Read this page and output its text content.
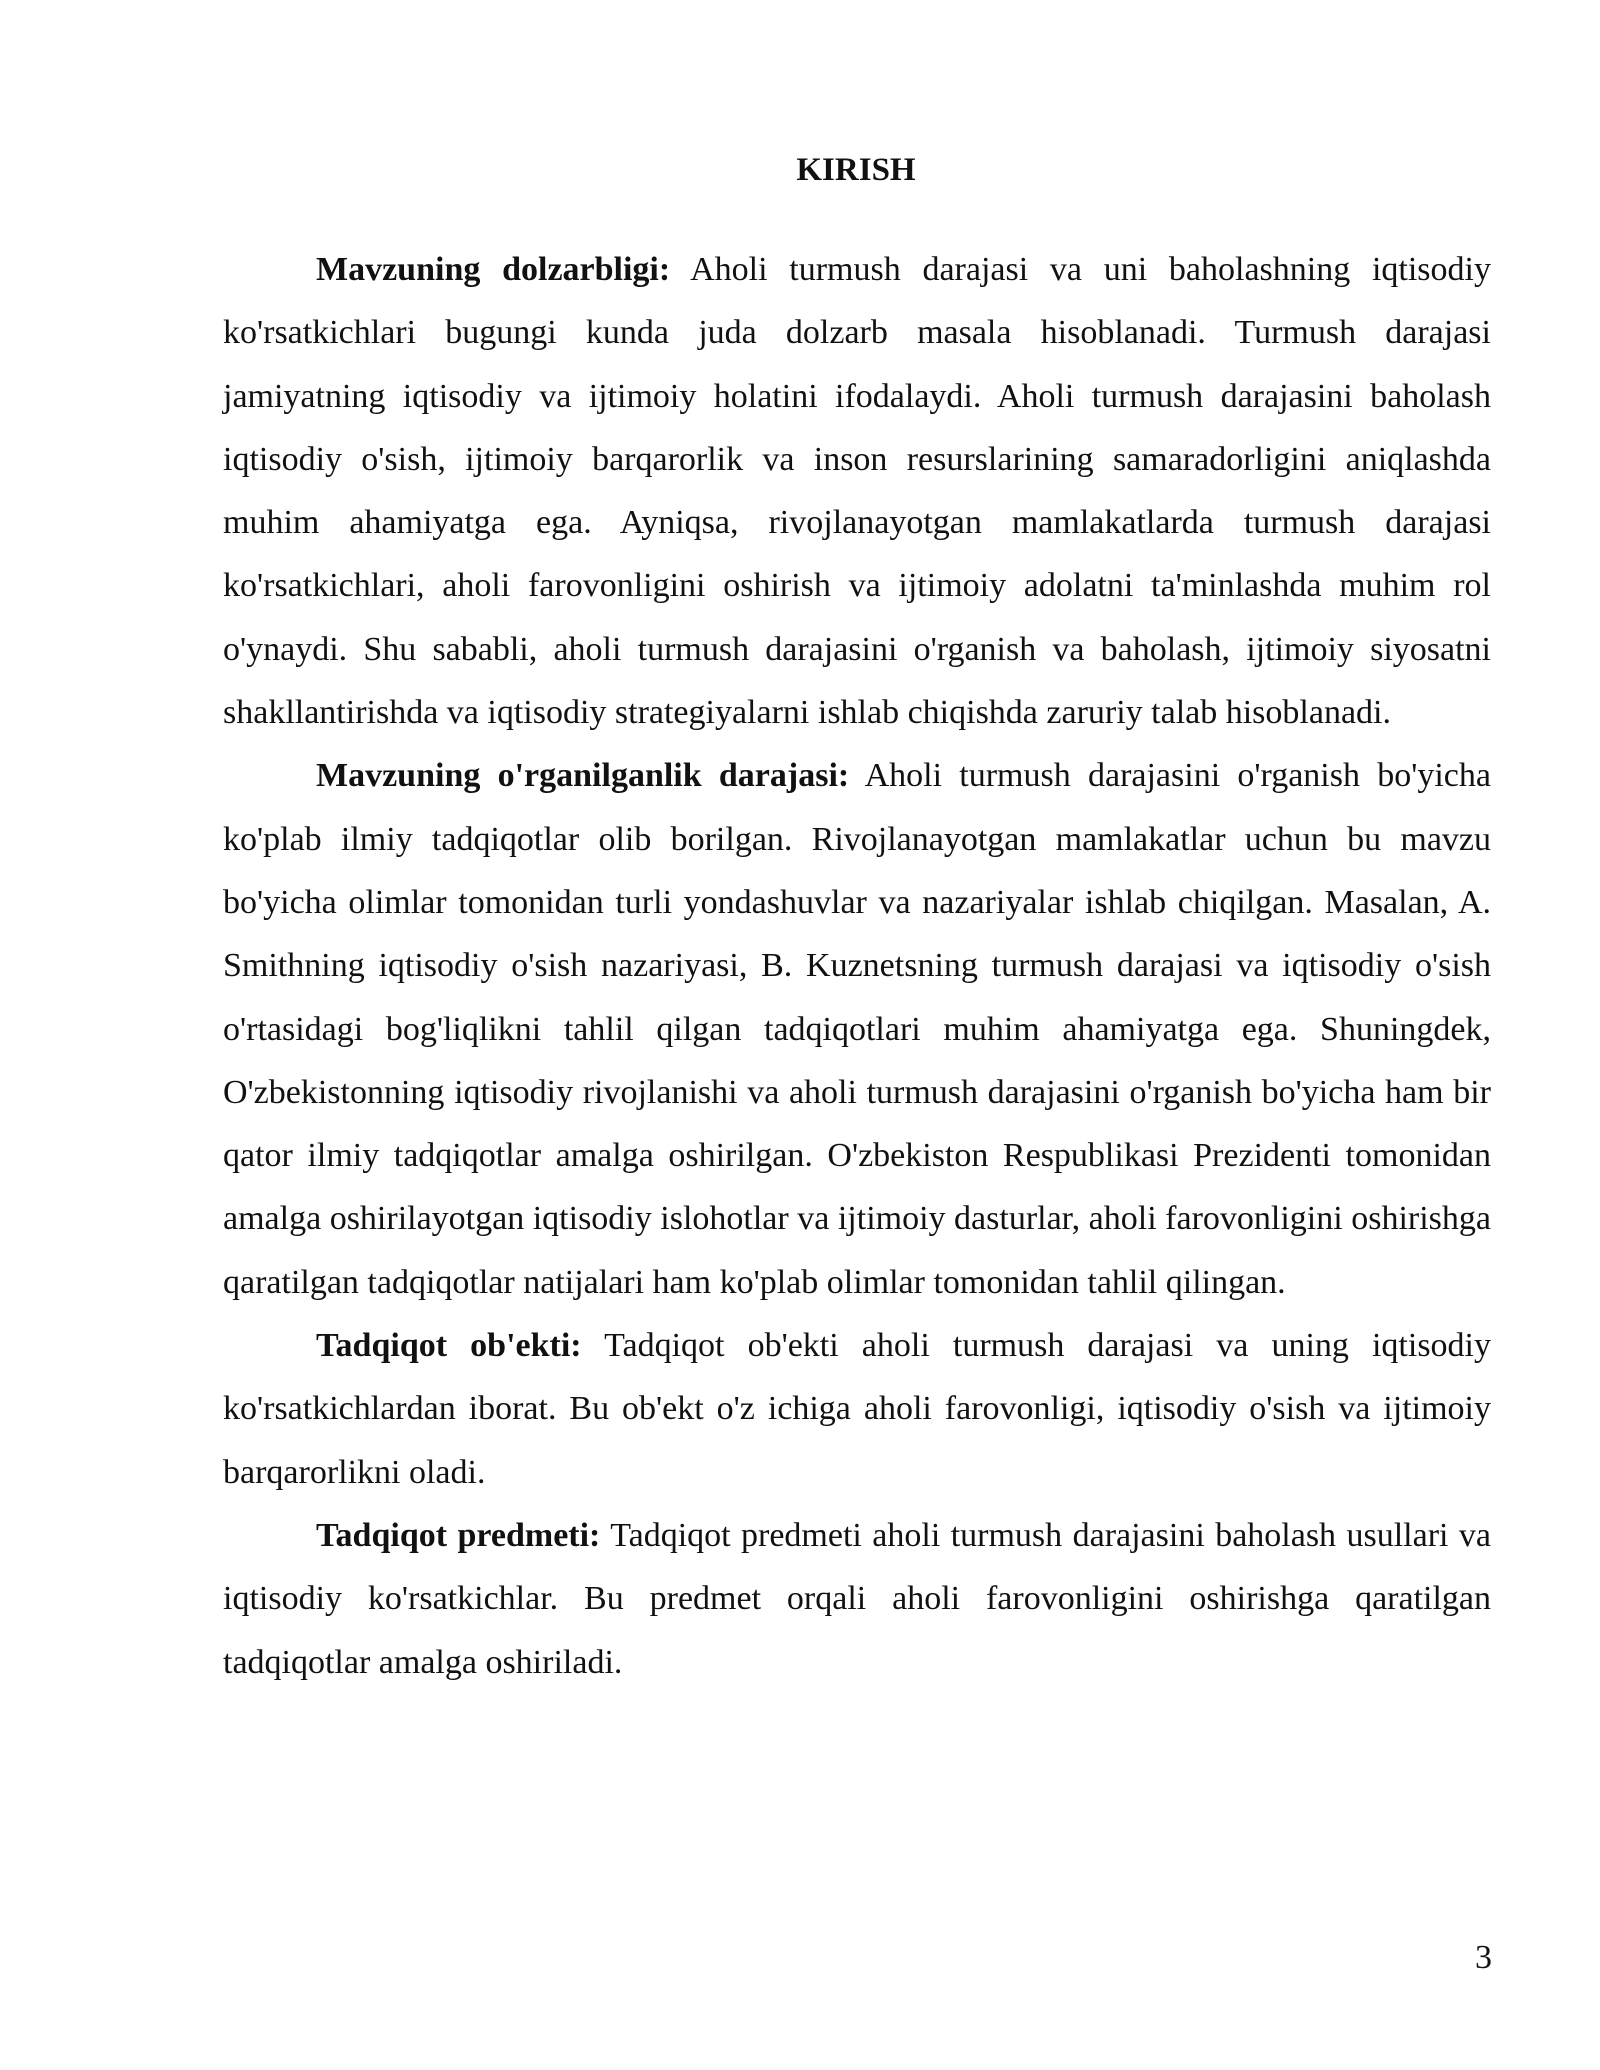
KIRISH

Mavzuning dolzarbligi: Aholi turmush darajasi va uni baholashning iqtisodiy ko'rsatkichlari bugungi kunda juda dolzarb masala hisoblanadi. Turmush darajasi jamiyatning iqtisodiy va ijtimoiy holatini ifodalaydi. Aholi turmush darajasini baholash iqtisodiy o'sish, ijtimoiy barqarorlik va inson resurslarining samaradorligini aniqlashda muhim ahamiyatga ega. Ayniqsa, rivojlanayotgan mamlakatlarda turmush darajasi ko'rsatkichlari, aholi farovonligini oshirish va ijtimoiy adolatni ta'minlashda muhim rol o'ynaydi. Shu sababli, aholi turmush darajasini o'rganish va baholash, ijtimoiy siyosatni shakllantirishda va iqtisodiy strategiyalarni ishlab chiqishda zaruriy talab hisoblanadi.

Mavzuning o'rganilganlik darajasi: Aholi turmush darajasini o'rganish bo'yicha ko'plab ilmiy tadqiqotlar olib borilgan. Rivojlanayotgan mamlakatlar uchun bu mavzu bo'yicha olimlar tomonidan turli yondashuvlar va nazariyalar ishlab chiqilgan. Masalan, A. Smithning iqtisodiy o'sish nazariyasi, B. Kuznetsning turmush darajasi va iqtisodiy o'sish o'rtasidagi bog'liqlikni tahlil qilgan tadqiqotlari muhim ahamiyatga ega. Shuningdek, O'zbekistonning iqtisodiy rivojlanishi va aholi turmush darajasini o'rganish bo'yicha ham bir qator ilmiy tadqiqotlar amalga oshirilgan. O'zbekiston Respublikasi Prezidenti tomonidan amalga oshirilayotgan iqtisodiy islohotlar va ijtimoiy dasturlar, aholi farovonligini oshirishga qaratilgan tadqiqotlar natijalari ham ko'plab olimlar tomonidan tahlil qilingan.

Tadqiqot ob'ekti: Tadqiqot ob'ekti aholi turmush darajasi va uning iqtisodiy ko'rsatkichlardan iborat. Bu ob'ekt o'z ichiga aholi farovonligi, iqtisodiy o'sish va ijtimoiy barqarorlikni oladi.

Tadqiqot predmeti: Tadqiqot predmeti aholi turmush darajasini baholash usullari va iqtisodiy ko'rsatkichlar. Bu predmet orqali aholi farovonligini oshirishga qaratilgan tadqiqotlar amalga oshiriladi.

3
